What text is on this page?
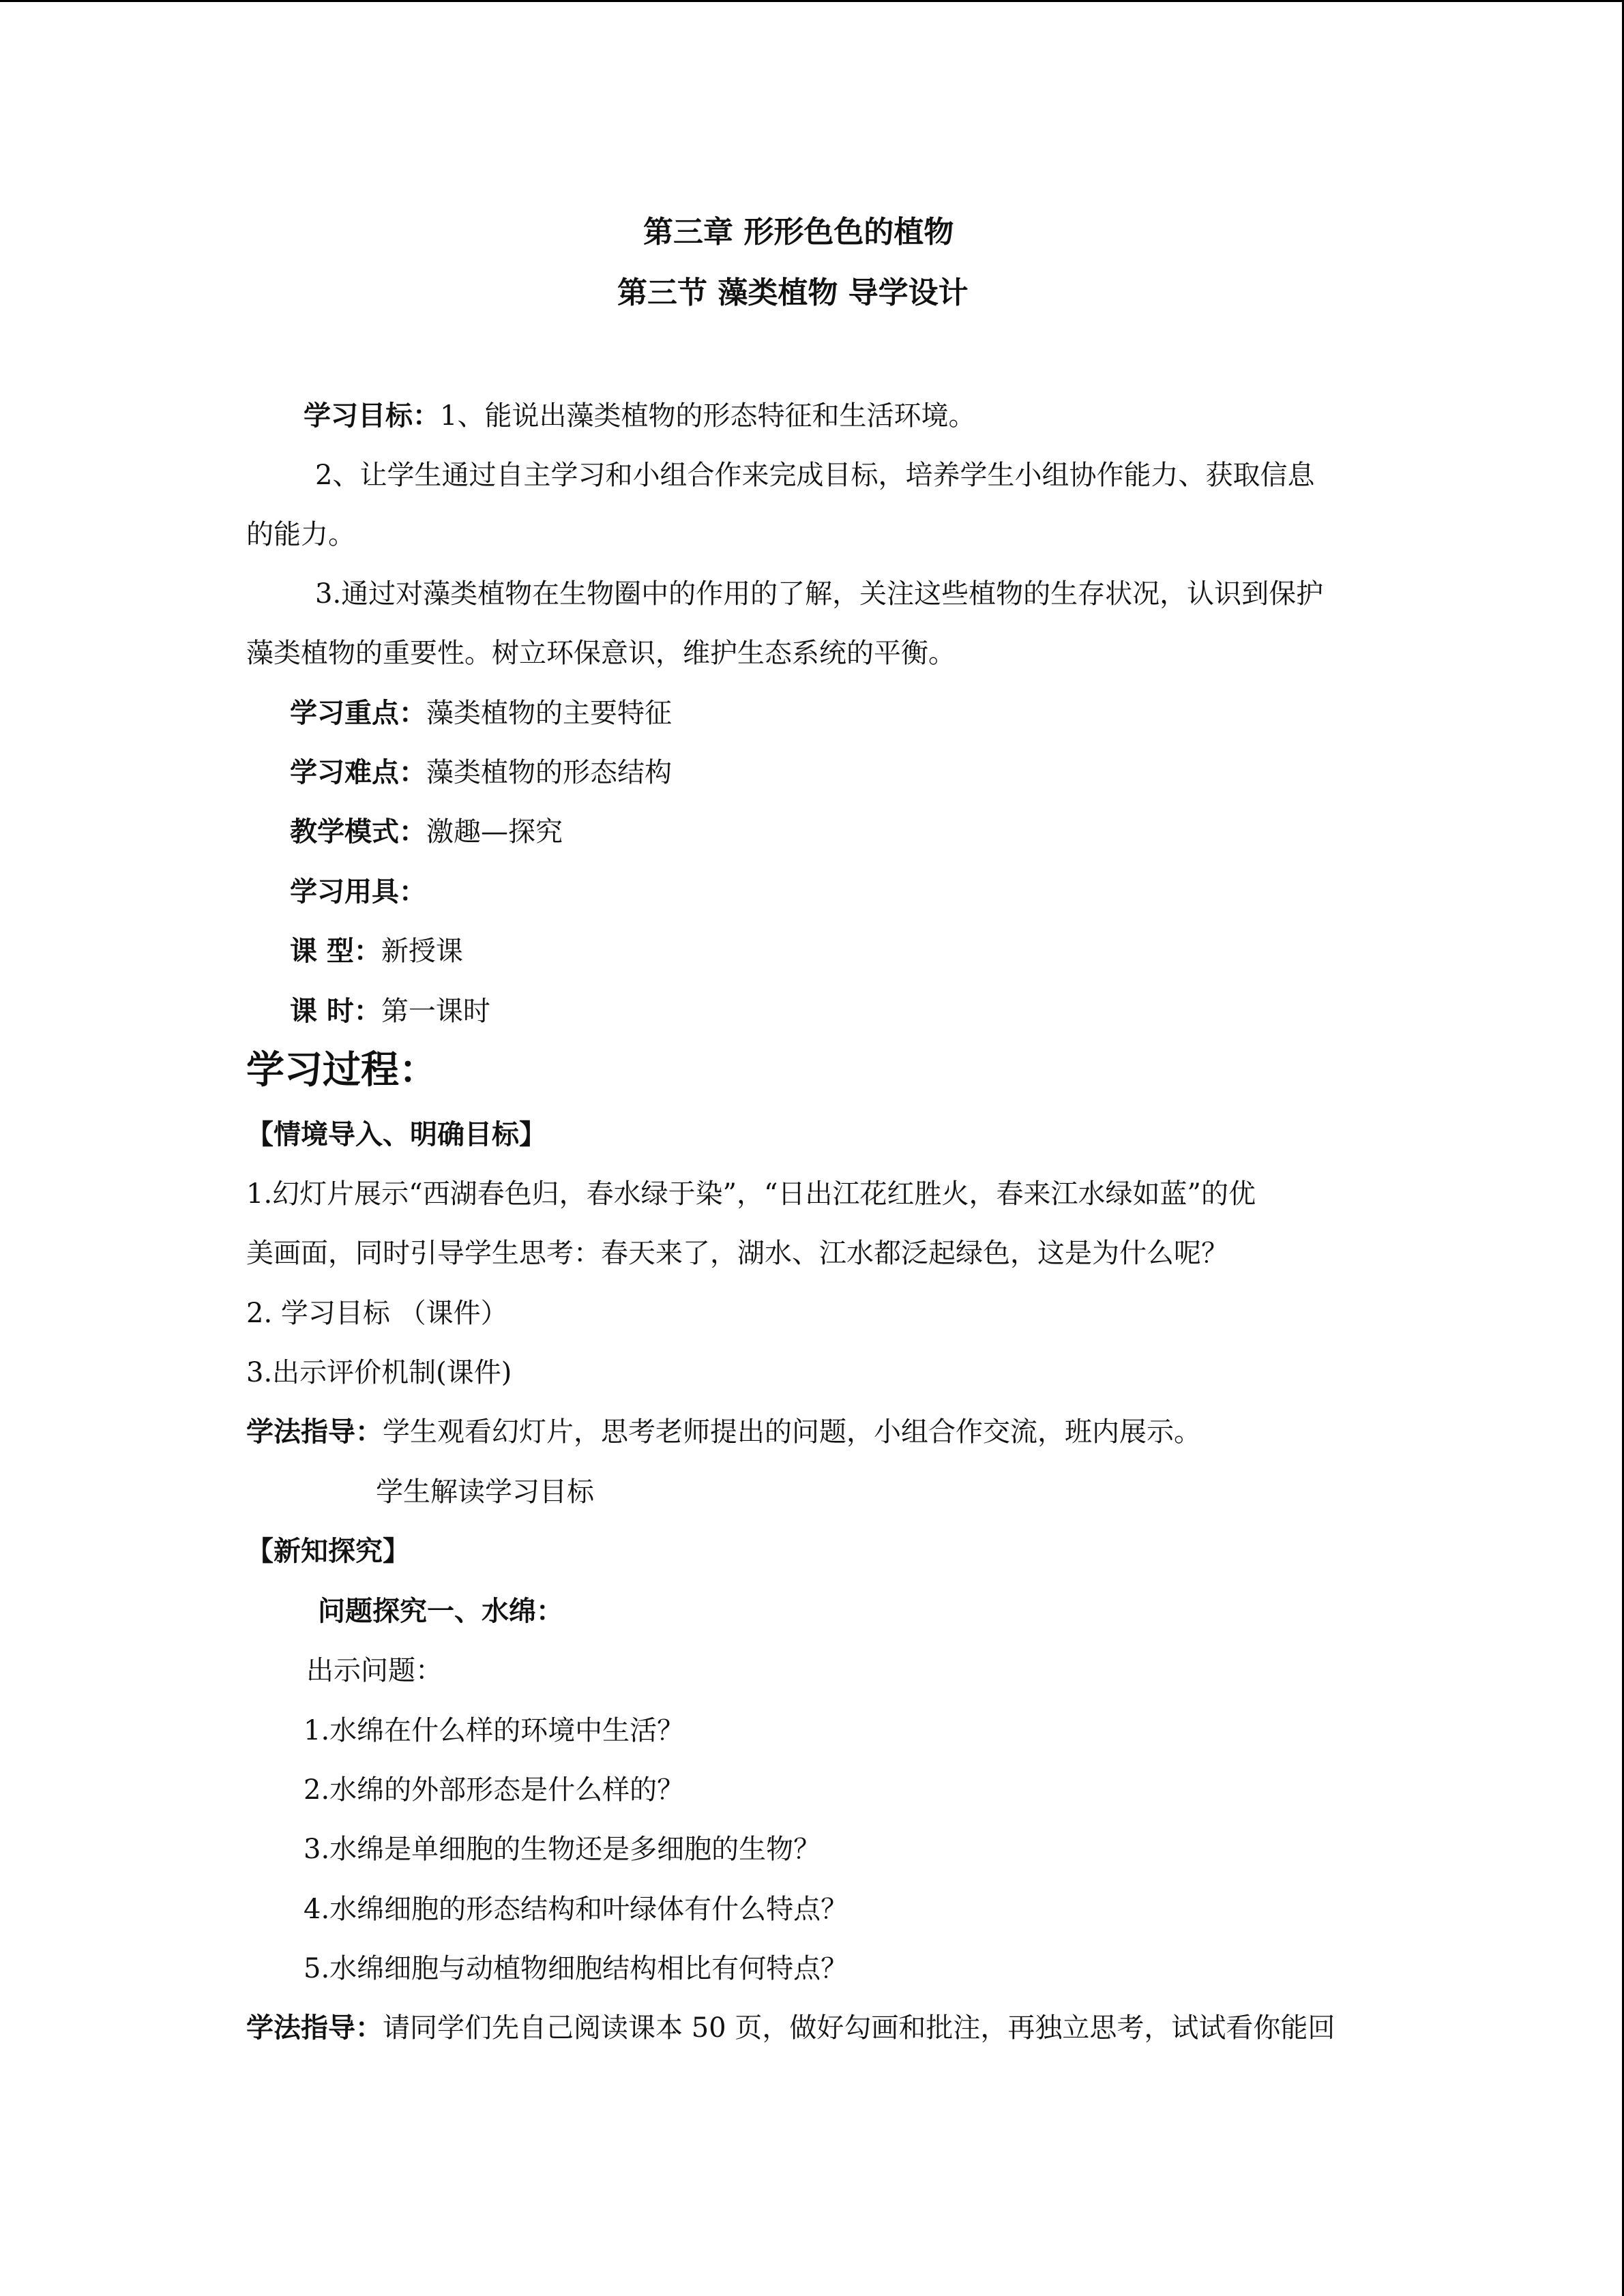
第三章 形形色色的植物
第三节 藻类植物 导学设计
学习目标：1、能说出藻类植物的形态特征和生活环境。
2、让学生通过自主学习和小组合作来完成目标，培养学生小组协作能力、获取信息
的能力。
3.通过对藻类植物在生物圈中的作用的了解，关注这些植物的生存状况，认识到保护
藻类植物的重要性。树立环保意识，维护生态系统的平衡。
学习重点：藻类植物的主要特征
学习难点：藻类植物的形态结构
教学模式：激趣—探究
学习用具：
课 型：新授课
课 时：第一课时
学习过程：
【情境导入、明确目标】
1.幻灯片展示“西湖春色归，春水绿于染”，“日出江花红胜火，春来江水绿如蓝”的优
美画面，同时引导学生思考：春天来了，湖水、江水都泛起绿色，这是为什么呢？
2. 学习目标 （课件）
3.出示评价机制(课件)
学法指导：学生观看幻灯片，思考老师提出的问题，小组合作交流，班内展示。
学生解读学习目标
【新知探究】
问题探究一、水绵：
出示问题：
1.水绵在什么样的环境中生活？
2.水绵的外部形态是什么样的？
3.水绵是单细胞的生物还是多细胞的生物？
4.水绵细胞的形态结构和叶绿体有什么特点？
5.水绵细胞与动植物细胞结构相比有何特点？
学法指导：请同学们先自己阅读课本 50 页，做好勾画和批注，再独立思考，试试看你能回
